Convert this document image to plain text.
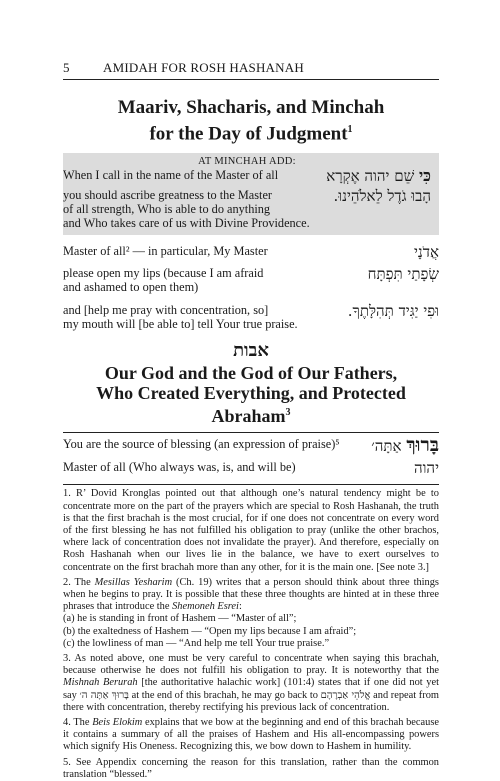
5	AMIDAH FOR ROSH HASHANAH
Maariv, Shacharis, and Minchah
for the Day of Judgment$^1$
AT MINCHAH ADD:
When I call in the name of the Master of all	כִּי שֵׁם יהוה אֶקְרָא
you should ascribe greatness to the Master
of all strength, Who is able to do anything
and Who takes care of us with Divine Providence.
הָבוּ גֹדֶל לֵאלֹהֵינוּ.
Master of all² — in particular, My Master	אֲדֹנָי
please open my lips (because I am afraid
and ashamed to open them)
שְׂפָתַי תִּפְתָּח
and [help me pray with concentration, so]
my mouth will [be able to] tell Your true praise.
וּפִי יַגִּיד תְּהִלָּתֶךָ.
אבות
Our God and the God of Our Fathers,
Who Created Everything, and Protected Abraham$^3$
You are the source of blessing (an expression of praise)⁵	בָּרוּךְ אַתָּה׳
Master of all (Who always was, is, and will be)	יהוה
1. R’ Dovid Kronglas pointed out that although one’s natural tendency might be to concentrate more on the part of the prayers which are special to Rosh Hashanah, the truth is that the first brachah is the most crucial, for if one does not concentrate on every word of the first blessing he has not fulfilled his obligation to pray (unlike the other brachos, where lack of concentration does not invalidate the prayer). And therefore, especially on Rosh Hashanah when our lives lie in the balance, we have to exert ourselves to concentrate on the first brachah more than any other, for it is the main one. [See note 3.]
2. The Mesillas Yesharim (Ch. 19) writes that a person should think about three things when he begins to pray. It is possible that these three thoughts are hinted at in these three phrases that introduce the Shemoneh Esrei:
(a) he is standing in front of Hashem — “Master of all”;
(b) the exaltedness of Hashem — “Open my lips because I am afraid”;
(c) the lowliness of man — “And help me tell Your true praise.”
3. As noted above, one must be very careful to concentrate when saying this brachah, because otherwise he does not fulfill his obligation to pray. It is noteworthy that the Mishnah Berurah [the authoritative halachic work] (101:4) states that if one did not yet say בָּרוּךְ אַתָּה ה׳ at the end of this brachah, he may go back to אֱלֹהֵי אַבְרָהָם and repeat from there with concentration, thereby rectifying his previous lack of concentration.
4. The Beis Elokim explains that we bow at the beginning and end of this brachah because it contains a summary of all the praises of Hashem and His all-encompassing powers which signify His Oneness. Recognizing this, we bow down to Hashem in humility.
5. See Appendix concerning the reason for this translation, rather than the common translation “blessed.”
